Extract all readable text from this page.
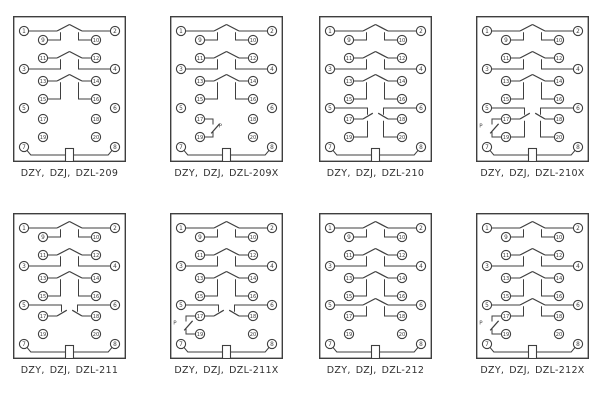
1	2
9	10
11	12
3	4
13	14
15	16
5	6
17	18
19	20
7	8
DZY, DZJ, DZL-209
P
1	2
9	10
11	12
3	4
13	14
15	16
5	6
17	18
19	20
7	8
DZY, DZJ, DZL-209X
1	2
9	10
11	12
3	4
13	14
15	16
5	6
17	18
19	20
7	8
DZY, DZJ, DZL-210
P
1	2
9	10
11	12
3	4
13	14
15	16
5	6
17	18
19	20
7	8
DZY, DZJ, DZL-210X
1	2
9	10
11	12
3	4
13	14
15	16
5	6
17	18
19	20
7	8
DZY, DZJ, DZL-211
P
1	2
9	10
11	12
3	4
13	14
15	16
5	6
17	18
19	20
7	8
DZY, DZJ, DZL-211X
1	2
9	10
11	12
3	4
13	14
15	16
5	6
17	18
19	20
7	8
DZY, DZJ, DZL-212
P
1	2
9	10
11	12
3	4
13	14
15	16
5	6
17	18
19	20
7	8
DZY, DZJ, DZL-212X
